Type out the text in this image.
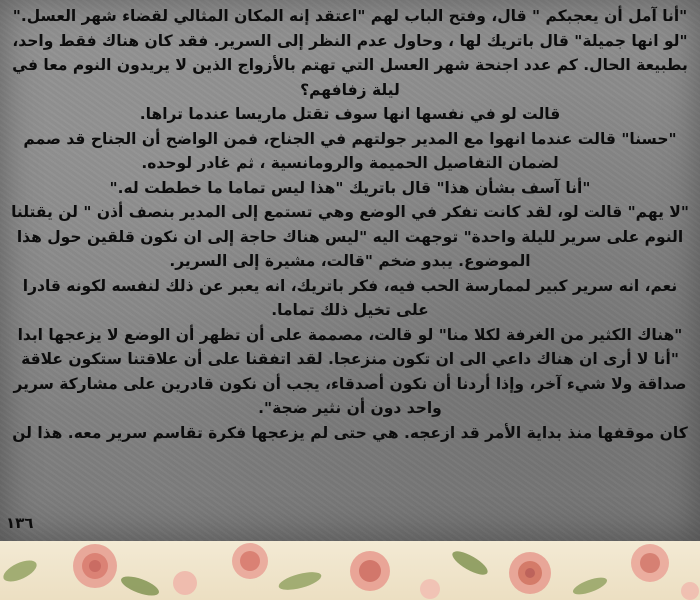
"أنا آمل أن يعجبكم " قال، وفتح الباب لهم "اعتقد إنه المكان المثالي لقضاء شهر العسل."

"لو انها جميلة" قال باتريك لها ، وحاول عدم النظر إلى السرير. فقد كان هناك فقط واحد، بطبيعة الحال. كم عدد اجنحة شهر العسل التي تهتم بالأزواج الذين لا يريدون النوم معا في ليلة زفافهم؟

قالت لو في نفسها انها سوف تقتل ماريسا عندما تراها.

"حسنا" قالت عندما انهوا مع المدير جولتهم في الجناح، فمن الواضح أن الجناح قد صمم لضمان التفاصيل الحميمة والرومانسية ، ثم غادر لوحده.

"أنا آسف بشأن هذا" قال باتريك "هذا ليس تماما ما خططت له."

"لا يهم" قالت لو، لقد كانت تفكر في الوضع وهي تستمع إلى المدير بنصف أذن " لن يقتلنا النوم على سرير لليلة واحدة" توجهت اليه "ليس هناك حاجة إلى ان نكون قلقين حول هذا الموضوع. يبدو ضخم "قالت، مشيرة إلى السرير.

نعم، انه سرير كبير لممارسة الحب فيه، فكر باتريك، انه يعبر عن ذلك لنفسه لكونه قادرا على تخيل ذلك تماما.

"هناك الكثير من الغرفة لكلا منا" لو قالت، مصممة على أن تظهر أن الوضع لا يزعجها ابدا "أنا لا أرى ان هناك داعي الى ان تكون منزعجا. لقد اتفقنا على أن علاقتنا ستكون علاقة صداقة ولا شيء آخر، وإذا أردنا أن نكون أصدقاء، يجب أن نكون قادرين على مشاركة سرير واحد دون أن نثير ضجة".

كان موقفها منذ بداية الأمر قد ازعجه. هي حتى لم يزعجها فكرة تقاسم سرير معه. هذا لن

١٣٦
